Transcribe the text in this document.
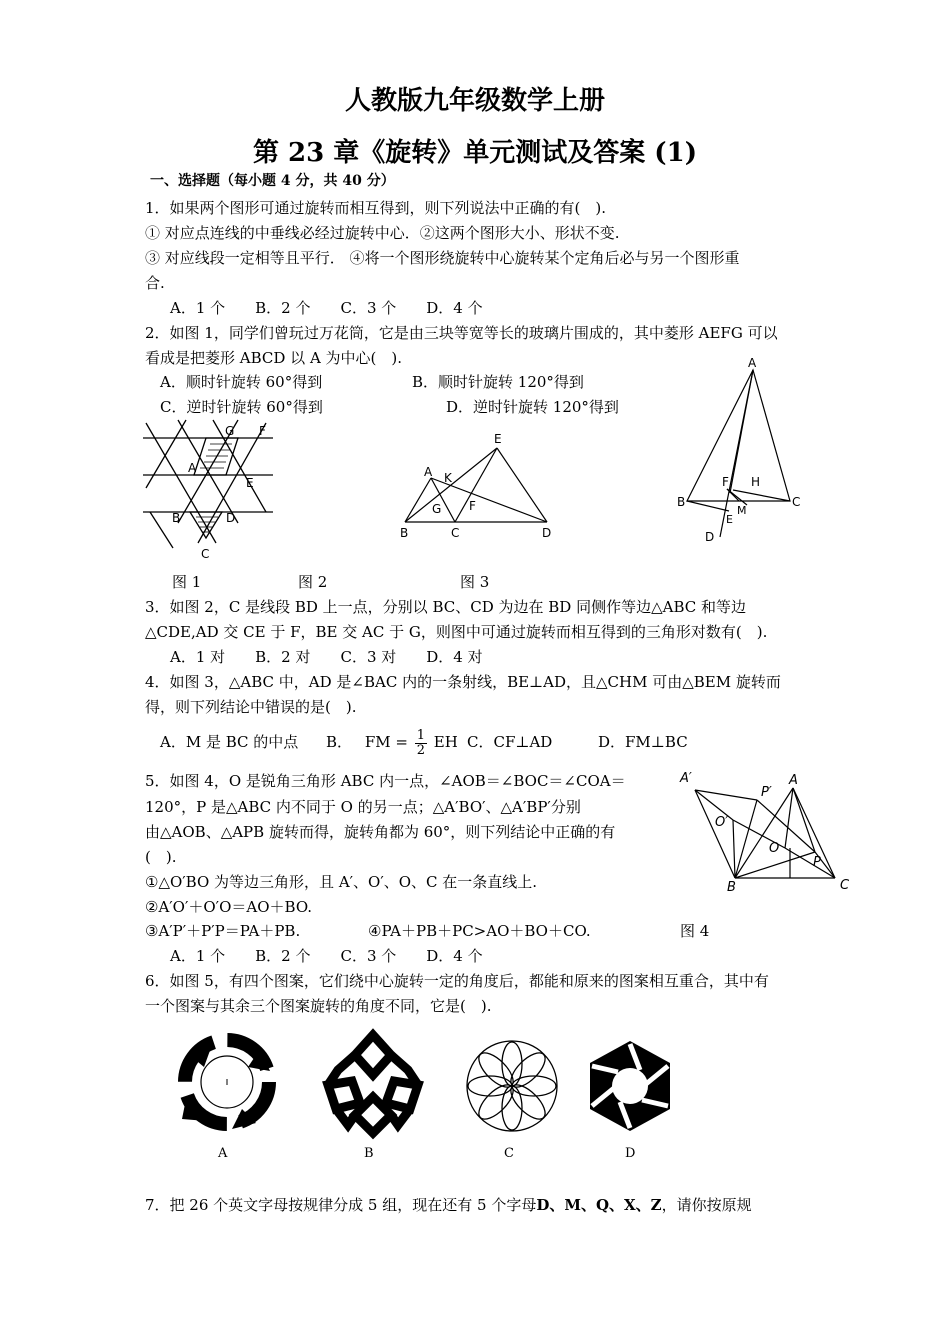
人教版九年级数学上册
第 23 章《旋转》单元测试及答案 (1)
一、选择题（每小题 4 分，共 40 分）
1．如果两个图形可通过旋转而相互得到，则下列说法中正确的有(　).
① 对应点连线的中垂线必经过旋转中心．②这两个图形大小、形状不变.
③ 对应线段一定相等且平行． ④将一个图形绕旋转中心旋转某个定角后必与另一个图形重
合.
A．1 个　　B．2 个　　C．3 个　　D．4 个
2．如图 1，同学们曾玩过万花筒，它是由三块等宽等长的玻璃片围成的，其中菱形 AEFG 可以
看成是把菱形 ABCD 以 A 为中心(　).
A．顺时针旋转 60°得到	B．顺时针旋转 120°得到
C．逆时针旋转 60°得到	D．逆时针旋转 120°得到
G F
A
E
B	D
C
E
A K
G F
B	C	D
A
F H
B
M
C
E
D
图 1	图 2	图 3
3．如图 2，C 是线段 BD 上一点，分别以 BC、CD 为边在 BD 同侧作等边△ABC 和等边
△CDE,AD 交 CE 于 F，BE 交 AC 于 G，则图中可通过旋转而相互得到的三角形对数有(　).
A．1 对　　B．2 对　　C．3 对　　D．4 对
4．如图 3，△ABC 中，AD 是∠BAC 内的一条射线，BE⊥AD，且△CHM 可由△BEM 旋转而
得，则下列结论中错误的是(　).
A．M 是 BC 的中点 B． FM = $\frac{1}{2}$ EH C．CF⊥AD	D．FM⊥BC
5．如图 4，O 是锐角三角形 ABC 内一点，∠AOB＝∠BOC＝∠COA＝
120°，P 是△ABC 内不同于 O 的另一点；△A′BO′、△A′BP′分别
由△AOB、△APB 旋转而得，旋转角都为 60°，则下列结论中正确的有
(　).
①△O′BO 为等边三角形，且 A′、O′、O、C 在一条直线上.
②A′O′＋O′O＝AO＋BO.
③A′P′＋P′P＝PA＋PB.	④PA＋PB＋PC>AO＋BO＋CO.	图 4
A．1 个　　B．2 个　　C．3 个　　D．4 个
A′
P′
A
O′
O
P
B	C
6．如图 5，有四个图案，它们绕中心旋转一定的角度后，都能和原来的图案相互重合，其中有
一个图案与其余三个图案旋转的角度不同，它是(　).
A	B	C	D
7．把 26 个英文字母按规律分成 5 组，现在还有 5 个字母D、M、Q、X、Z，请你按原规
